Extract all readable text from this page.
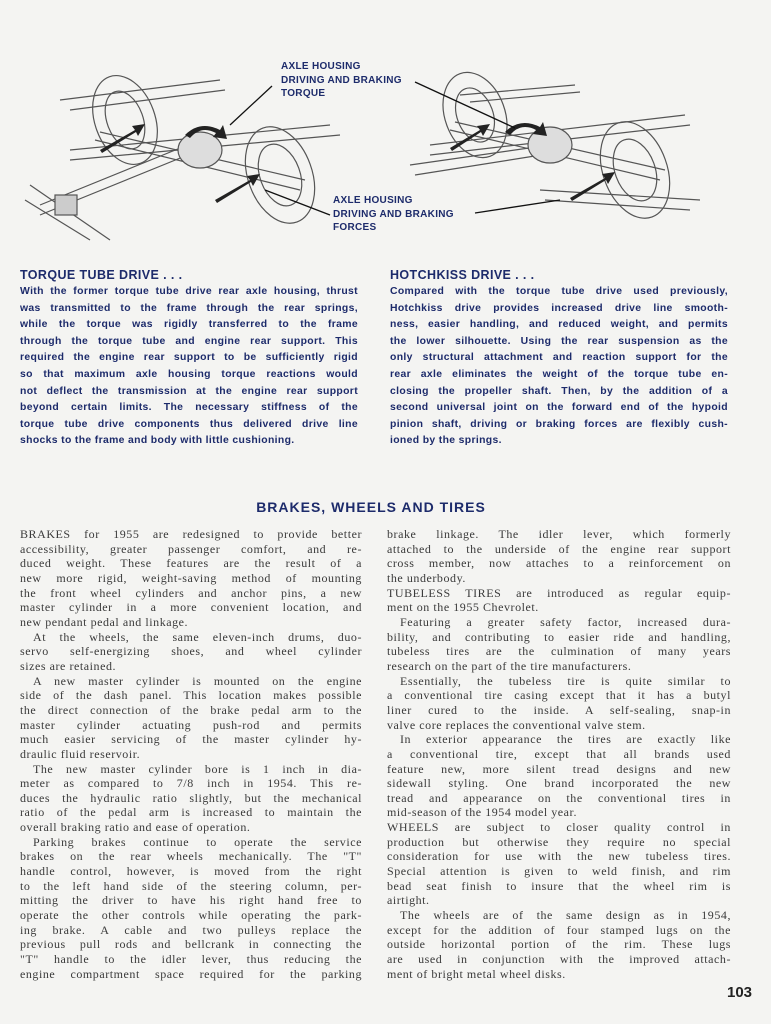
AXLE HOUSING
DRIVING AND BRAKING
TORQUE
AXLE HOUSING
DRIVING AND BRAKING
FORCES
TORQUE TUBE DRIVE . . .
With the former torque tube drive rear axle housing, thrust
was transmitted to the frame through the rear springs,
while the torque was rigidly transferred to the frame
through the torque tube and engine rear support. This
required the engine rear support to be sufficiently rigid
so that maximum axle housing torque reactions would
not deflect the transmission at the engine rear support
beyond certain limits. The necessary stiffness of the
torque tube drive components thus delivered drive line
shocks to the frame and body with little cushioning.
HOTCHKISS DRIVE . . .
Compared with the torque tube drive used previously,
Hotchkiss drive provides increased drive line smooth-
ness, easier handling, and reduced weight, and permits
the lower silhouette. Using the rear suspension as the
only structural attachment and reaction support for the
rear axle eliminates the weight of the torque tube en-
closing the propeller shaft. Then, by the addition of a
second universal joint on the forward end of the hypoid
pinion shaft, driving or braking forces are flexibly cush-
ioned by the springs.
BRAKES, WHEELS AND TIRES
BRAKES for 1955 are redesigned to provide better
accessibility, greater passenger comfort, and re-
duced weight. These features are the result of a
new more rigid, weight-saving method of mounting
the front wheel cylinders and anchor pins, a new
master cylinder in a more convenient location, and
new pendant pedal and linkage.
At the wheels, the same eleven-inch drums, duo-
servo self-energizing shoes, and wheel cylinder
sizes are retained.
A new master cylinder is mounted on the engine
side of the dash panel. This location makes possible
the direct connection of the brake pedal arm to the
master cylinder actuating push-rod and permits
much easier servicing of the master cylinder hy-
draulic fluid reservoir.
The new master cylinder bore is 1 inch in dia-
meter as compared to 7/8 inch in 1954. This re-
duces the hydraulic ratio slightly, but the mechanical
ratio of the pedal arm is increased to maintain the
overall braking ratio and ease of operation.
Parking brakes continue to operate the service
brakes on the rear wheels mechanically. The "T"
handle control, however, is moved from the right
to the left hand side of the steering column, per-
mitting the driver to have his right hand free to
operate the other controls while operating the park-
ing brake. A cable and two pulleys replace the
previous pull rods and bellcrank in connecting the
"T" handle to the idler lever, thus reducing the
engine compartment space required for the parking
brake linkage. The idler lever, which formerly
attached to the underside of the engine rear support
cross member, now attaches to a reinforcement on
the underbody.
TUBELESS TIRES are introduced as regular equip-
ment on the 1955 Chevrolet.
Featuring a greater safety factor, increased dura-
bility, and contributing to easier ride and handling,
tubeless tires are the culmination of many years
research on the part of the tire manufacturers.
Essentially, the tubeless tire is quite similar to
a conventional tire casing except that it has a butyl
liner cured to the inside. A self-sealing, snap-in
valve core replaces the conventional valve stem.
In exterior appearance the tires are exactly like
a conventional tire, except that all brands used
feature new, more silent tread designs and new
sidewall styling. One brand incorporated the new
tread and appearance on the conventional tires in
mid-season of the 1954 model year.
WHEELS are subject to closer quality control in
production but otherwise they require no special
consideration for use with the new tubeless tires.
Special attention is given to weld finish, and rim
bead seat finish to insure that the wheel rim is
airtight.
The wheels are of the same design as in 1954,
except for the addition of four stamped lugs on the
outside horizontal portion of the rim. These lugs
are used in conjunction with the improved attach-
ment of bright metal wheel disks.
103
